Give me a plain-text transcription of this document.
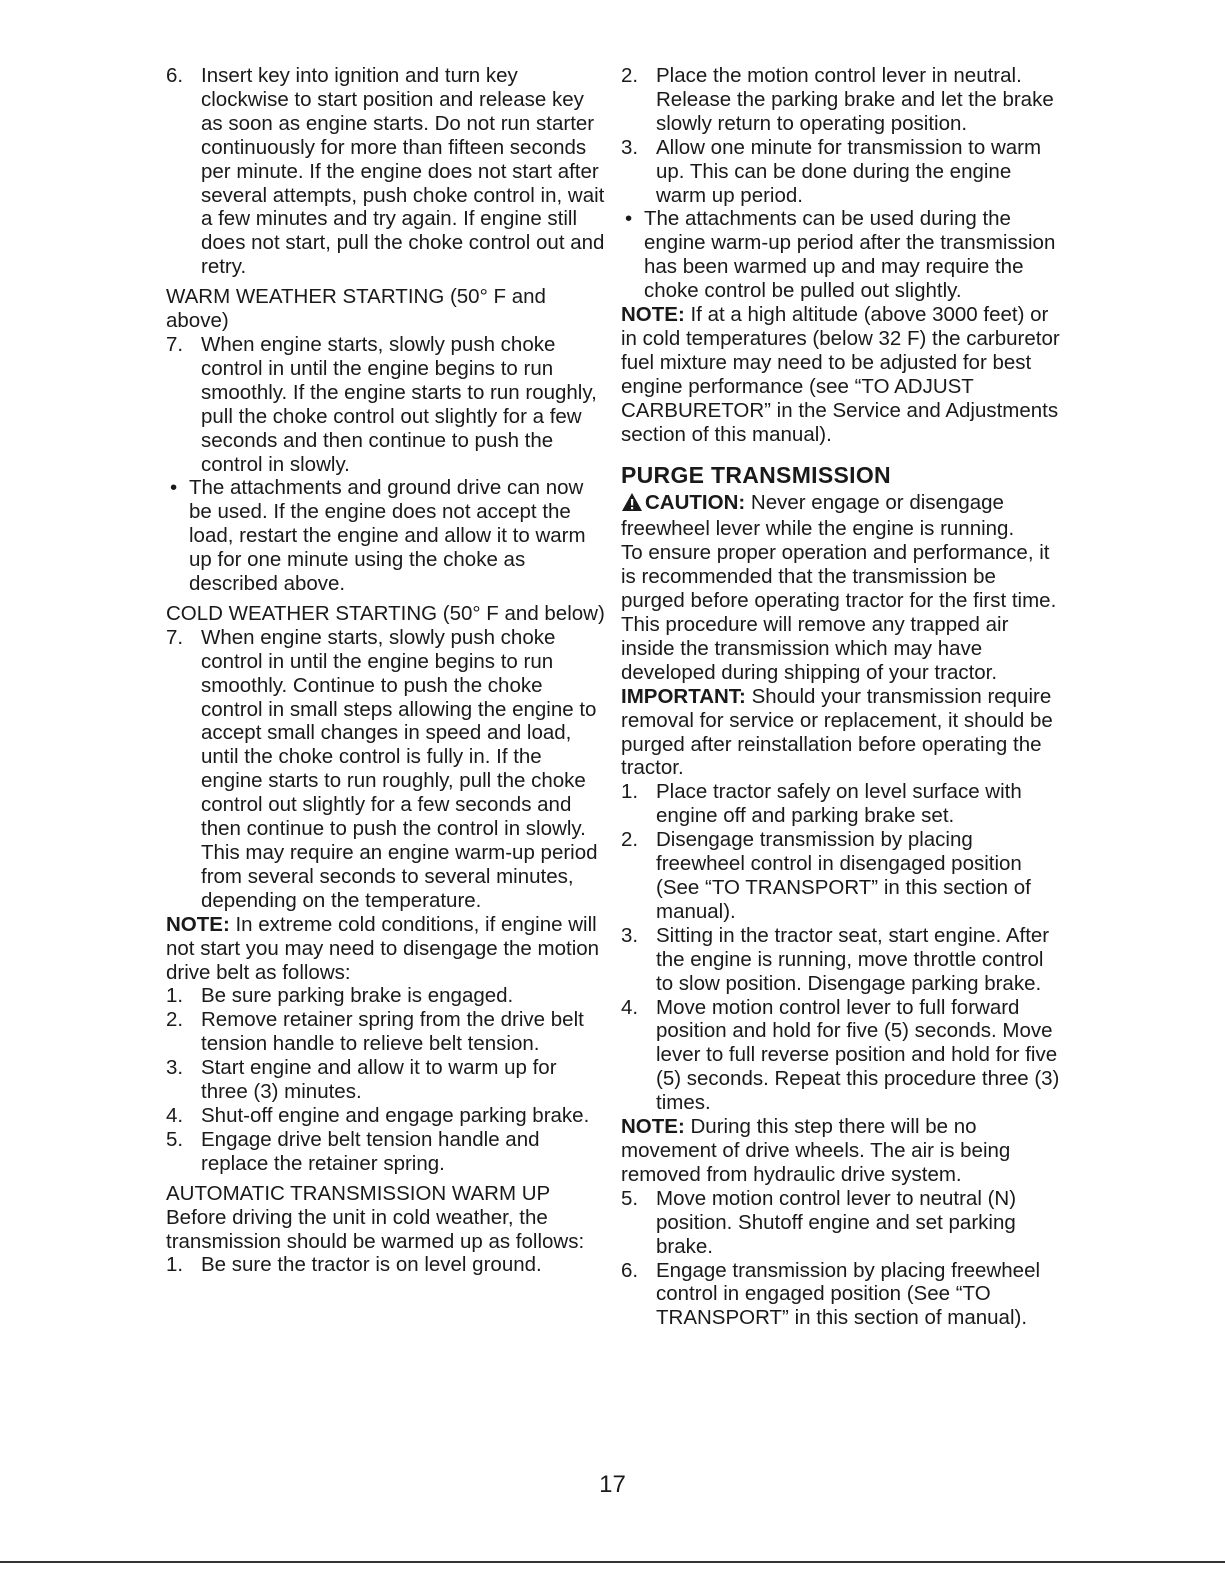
6. Insert key into ignition and turn key clockwise to start position and release key as soon as engine starts. Do not run starter continuously for more than fifteen seconds per minute. If the engine does not start after several attempts, push choke control in, wait a few minutes and try again. If engine still does not start, pull the choke control out and retry.

WARM WEATHER STARTING (50° F and above)

7. When engine starts, slowly push choke control in until the engine begins to run smoothly. If the engine starts to run roughly, pull the choke control out slightly for a few seconds and then continue to push the control in slowly.
• The attachments and ground drive can now be used. If the engine does not accept the load, restart the engine and allow it to warm up for one minute using the choke as described above.

COLD WEATHER STARTING (50° F and below)

7. When engine starts, slowly push choke control in until the engine begins to run smoothly. Continue to push the choke control in small steps allowing the engine to accept small changes in speed and load, until the choke control is fully in. If the engine starts to run roughly, pull the choke control out slightly for a few seconds and then continue to push the control in slowly. This may require an engine warm-up period from several seconds to several minutes, depending on the temperature.

NOTE: In extreme cold conditions, if engine will not start you may need to disengage the motion drive belt as follows:

1. Be sure parking brake is engaged.
2. Remove retainer spring from the drive belt tension handle to relieve belt tension.
3. Start engine and allow it to warm up for three (3) minutes.
4. Shut-off engine and engage parking brake.
5. Engage drive belt tension handle and replace the retainer spring.

AUTOMATIC TRANSMISSION WARM UP

Before driving the unit in cold weather, the transmission should be warmed up as follows:

1. Be sure the tractor is on level ground.
2. Place the motion control lever in neutral. Release the parking brake and let the brake slowly return to operating position.
3. Allow one minute for transmission to warm up. This can be done during the engine warm up period.
• The attachments can be used during the engine warm-up period after the transmission has been warmed up and may require the choke control be pulled out slightly.

NOTE: If at a high altitude (above 3000 feet) or in cold temperatures (below 32 F) the carburetor fuel mixture may need to be adjusted for best engine performance (see “TO ADJUST CARBURETOR” in the Service and Adjustments section of this manual).

PURGE TRANSMISSION

CAUTION: Never engage or disengage freewheel lever while the engine is running.

To ensure proper operation and performance, it is recommended that the transmission be purged before operating tractor for the first time. This procedure will remove any trapped air inside the transmission which may have developed during shipping of your tractor.

IMPORTANT: Should your transmission require removal for service or replacement, it should be purged after reinstallation before operating the tractor.

1. Place tractor safely on level surface with engine off and parking brake set.
2. Disengage transmission by placing freewheel control in disengaged position (See “TO TRANSPORT” in this section of manual).
3. Sitting in the tractor seat, start engine. After the engine is running, move throttle control to slow position. Disengage parking brake.
4. Move motion control lever to full forward position and hold for five (5) seconds. Move lever to full reverse position and hold for five (5) seconds. Repeat this procedure three (3) times.

NOTE: During this step there will be no movement of drive wheels. The air is being removed from hydraulic drive system.

5. Move motion control lever to neutral (N) position. Shutoff engine and set parking brake.
6. Engage transmission by placing freewheel control in engaged position (See “TO TRANSPORT” in this section of manual).
17
